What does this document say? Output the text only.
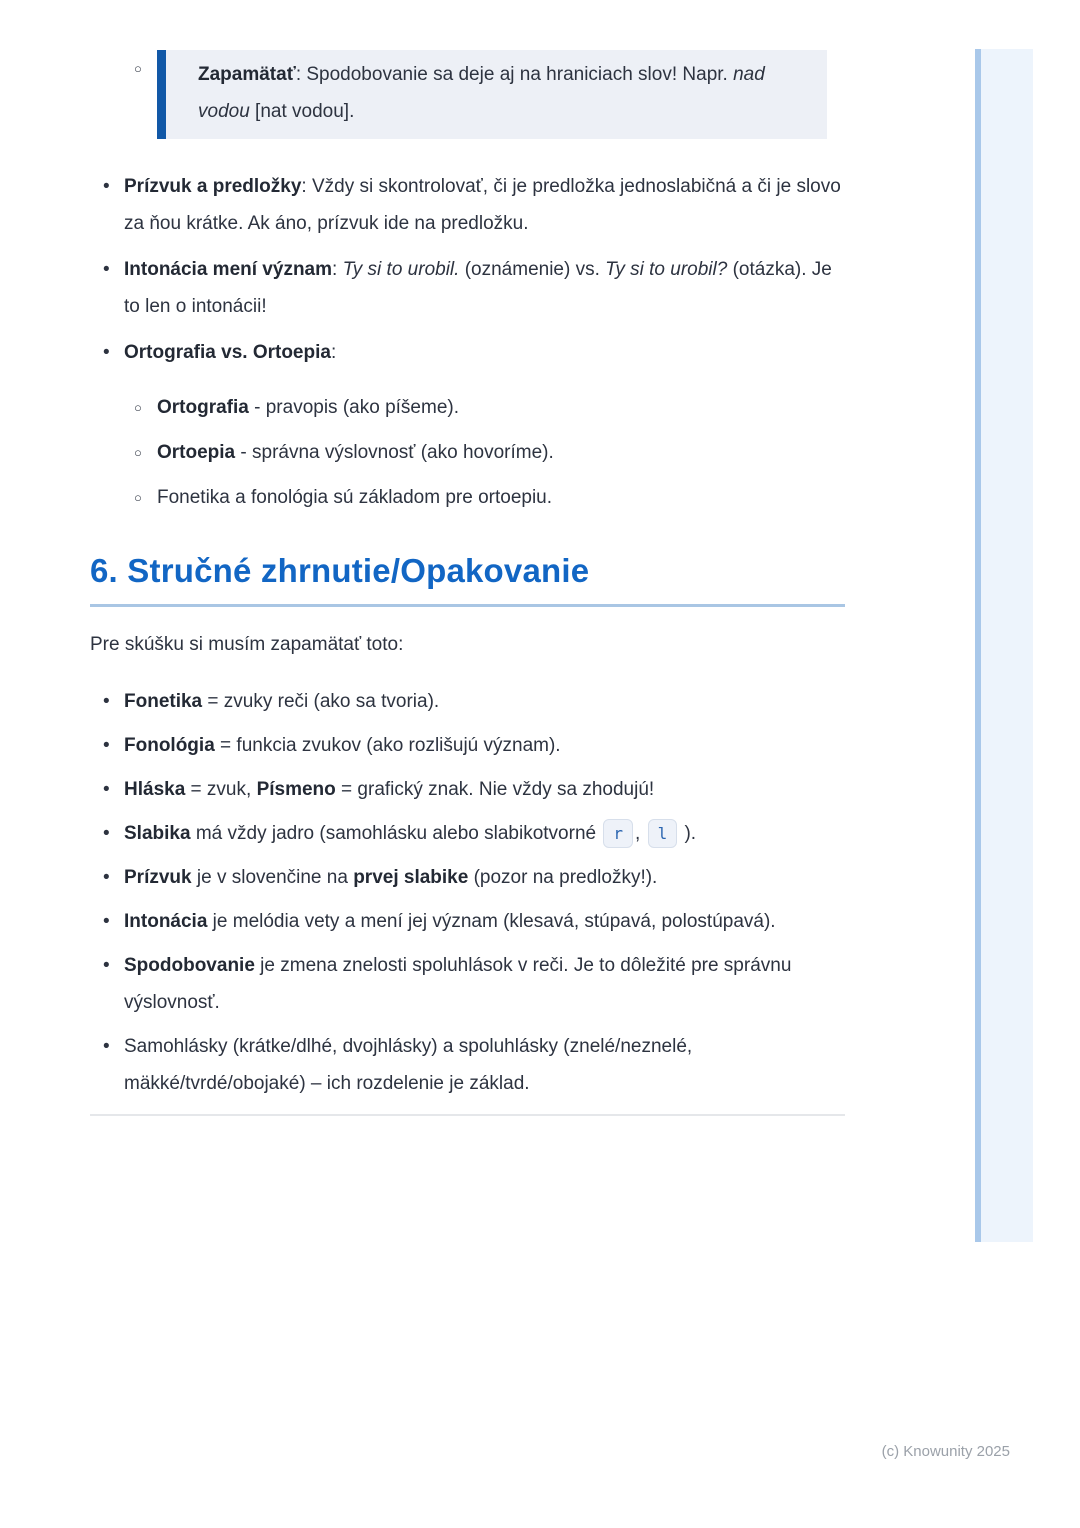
○	Zapamätať: Spodobovanie sa deje aj na hraniciach slov! Napr. nad vodou [nat vodou].

• Prízvuk a predložky: Vždy si skontrolovať, či je predložka jednoslabičná a či je slovo za ňou krátke. Ak áno, prízvuk ide na predložku.
• Intonácia mení význam: Ty si to urobil. (oznámenie) vs. Ty si to urobil? (otázka). Je to len o intonácii!
• Ortografia vs. Ortoepia:
○ Ortografia - pravopis (ako píšeme).
○ Ortoepia - správna výslovnosť (ako hovoríme).
○ Fonetika a fonológia sú základom pre ortoepiu.
6. Stručné zhrnutie/Opakovanie

Pre skúšku si musím zapamätať toto:

• Fonetika = zvuky reči (ako sa tvoria).
• Fonológia = funkcia zvukov (ako rozlišujú význam).
• Hláska = zvuk, Písmeno = grafický znak. Nie vždy sa zhodujú!
• Slabika má vždy jadro (samohlásku alebo slabikotvorné r , l ).
• Prízvuk je v slovenčine na prvej slabike (pozor na predložky!).
• Intonácia je melódia vety a mení jej význam (klesavá, stúpavá, polostúpavá).
• Spodobovanie je zmena znelosti spoluhlások v reči. Je to dôležité pre správnu výslovnosť.
• Samohlásky (krátke/dlhé, dvojhlásky) a spoluhlásky (znelé/neznelé, mäkké/tvrdé/obojaké) – ich rozdelenie je základ.
(c) Knowunity 2025
